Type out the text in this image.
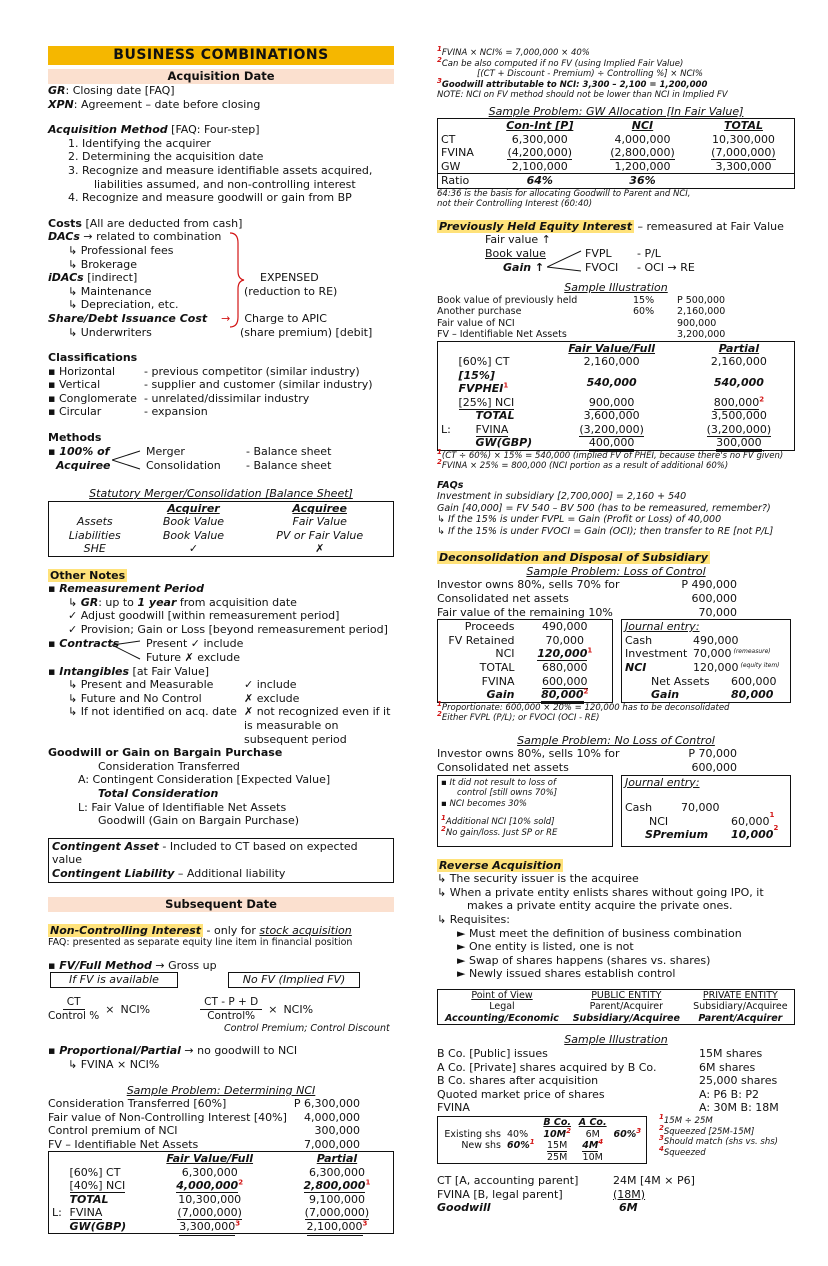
BUSINESS COMBINATIONS
Acquisition Date
GR: Closing date [FAQ]
XPN: Agreement – date before closing
Acquisition Method [FAQ: Four-step]
1. Identifying the acquirer
2. Determining the acquisition date
3. Recognize and measure identifiable assets acquired,
liabilities assumed, and non-controlling interest
4. Recognize and measure goodwill or gain from BP
Costs [All are deducted from cash]
DACs → related to combination
↳ Professional fees
↳ Brokerage
iDACs [indirect]
↳ Maintenance
↳ Depreciation, etc.
Share/Debt Issuance Cost → Charge to APIC
↳ Underwriters	(share premium) [debit]
EXPENSED
(reduction to RE)
Classifications
▪ Horizontal	- previous competitor (similar industry)
▪ Vertical	- supplier and customer (similar industry)
▪ Conglomerate - unrelated/dissimilar industry
▪ Circular	- expansion
Methods
▪ 100% of
Acquiree
Merger
Consolidation
- Balance sheet
- Balance sheet
Statutory Merger/Consolidation [Balance Sheet]
	Acquirer	Acquiree
Assets	Book Value	Fair Value
Liabilities	Book Value	PV or Fair Value
SHE	✓	✗
Other Notes
▪ Remeasurement Period
↳ GR: up to 1 year from acquisition date
✓ Adjust goodwill [within remeasurement period]
✓ Provision; Gain or Loss [beyond remeasurement period]
▪ Contracts Present ✓ include
Future ✗ exclude
▪ Intangibles [at Fair Value]
↳ Present and Measurable	✓ include
↳ Future and No Control	✗ exclude
↳ If not identified on acq. date ✗ not recognized even if it
is measurable on subsequent period
Goodwill or Gain on Bargain Purchase
Consideration Transferred
A: Contingent Consideration [Expected Value]
Total Consideration
L: Fair Value of Identifiable Net Assets
Goodwill (Gain on Bargain Purchase)
Contingent Asset - Included to CT based on expected value
Contingent Liability – Additional liability
Subsequent Date
Non-Controlling Interest - only for stock acquisition
FAQ: presented as separate equity line item in financial position
▪ FV/Full Method → Gross up
If FV is available	No FV (Implied FV)
$\frac{CT}{\text{Control \%}} \times NCI\%$	$\frac{CT - P + D}{\text{Control\%}} \times NCI\%$
Control Premium; Control Discount
▪ Proportional/Partial → no goodwill to NCI
↳ FVINA × NCI%
Sample Problem: Determining NCI
Consideration Transferred [60%]	P 6,300,000
Fair value of Non-Controlling Interest [40%] 4,000,000
Control premium of NCI	300,000
FV – Identifiable Net Assets	7,000,000
		Fair Value/Full	Partial
	[60%] CT	6,300,000	6,300,000
	[40%] NCI	4,000,000$^2$	2,800,000$^1$
	TOTAL	10,300,000	9,100,000
L:	FVINA	(7,000,000)	(7,000,000)
	GW(GBP)	3,300,000$^3$	2,100,000$^3$
$^1$FVINA × NCI% = 7,000,000 × 40%
$^2$Can be also computed if no FV (using Implied Fair Value)
[(CT + Discount - Premium) ÷ Controlling %] × NCI%
$^3$Goodwill attributable to NCI: 3,300 – 2,100 = 1,200,000
NOTE: NCI on FV method should not be lower than NCI in Implied FV
Sample Problem: GW Allocation [In Fair Value]
	Con-Int [P]	NCI	TOTAL
CT	6,300,000	4,000,000	10,300,000
FVINA	(4,200,000)	(2,800,000)	(7,000,000)
GW	2,100,000	1,200,000	3,300,000
Ratio	64%	36%	
64:36 is the basis for allocating Goodwill to Parent and NCI,
not their Controlling Interest (60:40)
Previously Held Equity Interest – remeasured at Fair Value
Fair value ↑
Book value
Gain ↑
FVPL
FVOCI
- P/L
- OCI → RE
Sample Illustration
Book value of previously held	15%	P 500,000
Another purchase	60%	2,160,000
Fair value of NCI	900,000
FV – Identifiable Net Assets	3,200,000
		Fair Value/Full	Partial
	[60%] CT	2,160,000	2,160,000
	[15%] FVPHEI$^1$	540,000	540,000
	[25%] NCI	900,000	800,000$^2$
	TOTAL	3,600,000	3,500,000
L:	FVINA	(3,200,000)	(3,200,000)
	GW(GBP)	400,000	300,000
$^1$(CT ÷ 60%) × 15% = 540,000 (implied FV of PHEI, because there's no FV given)
$^2$FVINA × 25% = 800,000 (NCI portion as a result of additional 60%)
FAQs
Investment in subsidiary [2,700,000] = 2,160 + 540
Gain [40,000] = FV 540 – BV 500 (has to be remeasured, remember?)
↳ If the 15% is under FVPL = Gain (Profit or Loss) of 40,000
↳ If the 15% is under FVOCI = Gain (OCI); then transfer to RE [not P/L]
Deconsolidation and Disposal of Subsidiary
Sample Problem: Loss of Control
Investor owns 80%, sells 70% for	P 490,000
Consolidated net assets	600,000
Fair value of the remaining 10%	70,000
Proceeds	490,000
FV Retained	70,000
NCI	120,000$^1$
TOTAL	680,000
FVINA	600,000
Gain	80,000$^2$
Journal entry:
Cash	490,000
Investment 70,000 (remeasure)
NCI	120,000 (equity item)
Net Assets	600,000
Gain	80,000
$^1$Proportionate: 600,000 × 20% = 120,000 has to be deconsolidated
$^2$Either FVPL (P/L); or FVOCI (OCI - RE)
Sample Problem: No Loss of Control
Investor owns 80%, sells 10% for	P 70,000
Consolidated net assets	600,000
▪ It did not result to loss of
control [still owns 70%]
▪ NCI becomes 30%
$^1$Additional NCI [10% sold]
$^2$No gain/loss. Just SP or RE
Journal entry:
Cash	70,000
NCI	60,000 1
SPremium	10,000 2
Reverse Acquisition
↳ The security issuer is the acquiree
↳ When a private entity enlists shares without going IPO, it
makes a private entity acquire the private ones.
↳ Requisites:
► Must meet the definition of business combination
► One entity is listed, one is not
► Swap of shares happens (shares vs. shares)
► Newly issued shares establish control
Point of View	PUBLIC ENTITY	PRIVATE ENTITY
Legal	Parent/Acquirer	Subsidiary/Acquiree
Accounting/Economic	Subsidiary/Acquiree	Parent/Acquirer
Sample Illustration
B Co. [Public] issues	15M shares
A Co. [Private] shares acquired by B Co.	6M shares
B Co. shares after acquisition	25,000 shares
Quoted market price of shares	A: P6 B: P2
FVINA	A: 30M B: 18M
		B Co.	A Co.	
Existing shs	40%	$10M^2$	6M	60%$^3$
New shs	60%$^1$	15M	$4M^4$	
		25M	10M	
$^1$15M ÷ 25M
$^2$Squeezed [25M-15M]
$^3$Should match (shs vs. shs)
$^4$Squeezed
CT [A, accounting parent]	24M [4M × P6]
FVINA [B, legal parent]	(18M)
Goodwill	6M
